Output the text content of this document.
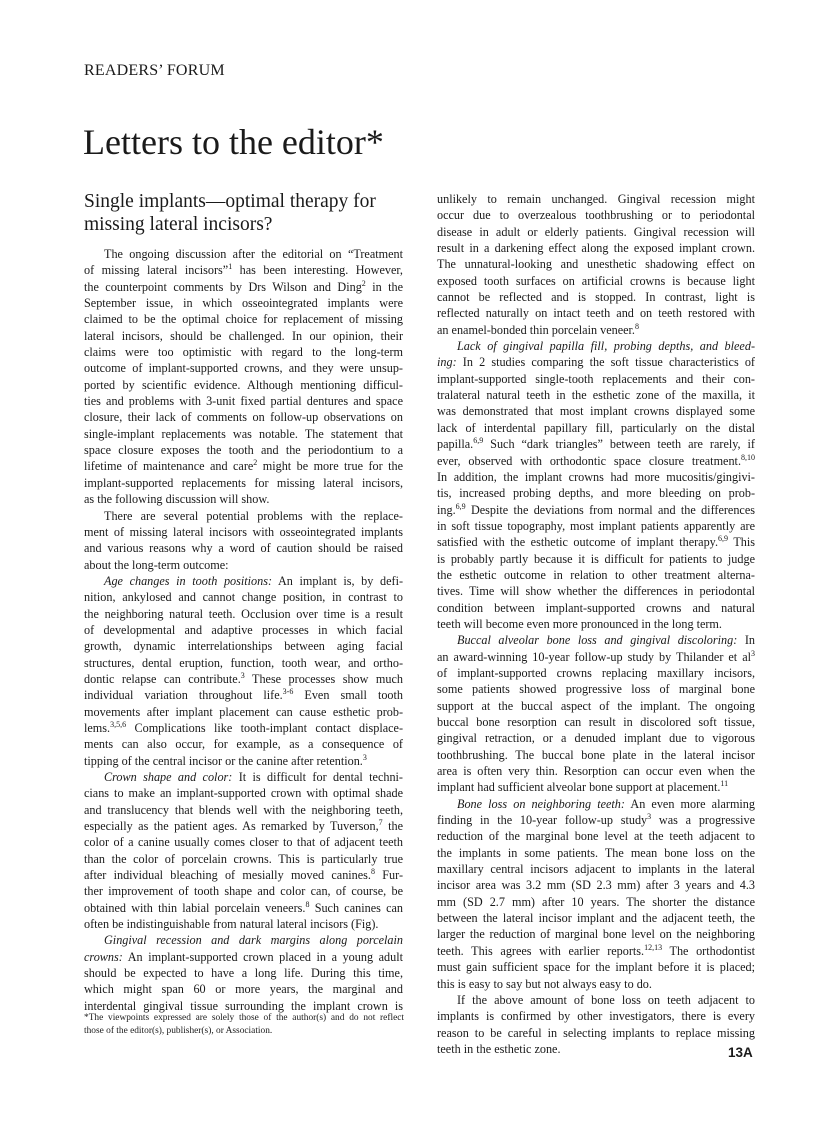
READERS’ FORUM
Letters to the editor*
Single implants—optimal therapy for
missing lateral incisors?
The ongoing discussion after the editorial on “Treatment
of missing lateral incisors”$^1$ has been interesting. However,
the counterpoint comments by Drs Wilson and Ding$^2$ in the
September issue, in which osseointegrated implants were
claimed to be the optimal choice for replacement of missing
lateral incisors, should be challenged. In our opinion, their
claims were too optimistic with regard to the long-term
outcome of implant-supported crowns, and they were unsup-
ported by scientific evidence. Although mentioning difficul-
ties and problems with 3-unit fixed partial dentures and space
closure, their lack of comments on follow-up observations on
single-implant replacements was notable. The statement that
space closure exposes the tooth and the periodontium to a
lifetime of maintenance and care$^2$ might be more true for the
implant-supported replacements for missing lateral incisors,
as the following discussion will show.
There are several potential problems with the replace-
ment of missing lateral incisors with osseointegrated implants
and various reasons why a word of caution should be raised
about the long-term outcome:
Age changes in tooth positions: An implant is, by defi-
nition, ankylosed and cannot change position, in contrast to
the neighboring natural teeth. Occlusion over time is a result
of developmental and adaptive processes in which facial
growth, dynamic interrelationships between aging facial
structures, dental eruption, function, tooth wear, and ortho-
dontic relapse can contribute.$^3$ These processes show much
individual variation throughout life.$^{3-6}$ Even small tooth
movements after implant placement can cause esthetic prob-
lems.$^{3,5,6}$ Complications like tooth-implant contact displace-
ments can also occur, for example, as a consequence of
tipping of the central incisor or the canine after retention.$^3$
Crown shape and color: It is difficult for dental techni-
cians to make an implant-supported crown with optimal shade
and translucency that blends well with the neighboring teeth,
especially as the patient ages. As remarked by Tuverson,$^7$ the
color of a canine usually comes closer to that of adjacent teeth
than the color of porcelain crowns. This is particularly true
after individual bleaching of mesially moved canines.$^8$ Fur-
ther improvement of tooth shape and color can, of course, be
obtained with thin labial porcelain veneers.$^8$ Such canines can
often be indistinguishable from natural lateral incisors (Fig).
Gingival recession and dark margins along porcelain
crowns: An implant-supported crown placed in a young adult
should be expected to have a long life. During this time,
which might span 60 or more years, the marginal and
interdental gingival tissue surrounding the implant crown is
unlikely to remain unchanged. Gingival recession might
occur due to overzealous toothbrushing or to periodontal
disease in adult or elderly patients. Gingival recession will
result in a darkening effect along the exposed implant crown.
The unnatural-looking and unesthetic shadowing effect on
exposed tooth surfaces on artificial crowns is because light
cannot be reflected and is stopped. In contrast, light is
reflected naturally on intact teeth and on teeth restored with
an enamel-bonded thin porcelain veneer.$^8$
Lack of gingival papilla fill, probing depths, and bleed-
ing: In 2 studies comparing the soft tissue characteristics of
implant-supported single-tooth replacements and their con-
tralateral natural teeth in the esthetic zone of the maxilla, it
was demonstrated that most implant crowns displayed some
lack of interdental papillary fill, particularly on the distal
papilla.$^{6,9}$ Such “dark triangles” between teeth are rarely, if
ever, observed with orthodontic space closure treatment.$^{8,10}$
In addition, the implant crowns had more mucositis/gingivi-
tis, increased probing depths, and more bleeding on prob-
ing.$^{6,9}$ Despite the deviations from normal and the differences
in soft tissue topography, most implant patients apparently are
satisfied with the esthetic outcome of implant therapy.$^{6,9}$ This
is probably partly because it is difficult for patients to judge
the esthetic outcome in relation to other treatment alterna-
tives. Time will show whether the differences in periodontal
condition between implant-supported crowns and natural
teeth will become even more pronounced in the long term.
Buccal alveolar bone loss and gingival discoloring: In
an award-winning 10-year follow-up study by Thilander et $al^3$
of implant-supported crowns replacing maxillary incisors,
some patients showed progressive loss of marginal bone
support at the buccal aspect of the implant. The ongoing
buccal bone resorption can result in discolored soft tissue,
gingival retraction, or a denuded implant due to vigorous
toothbrushing. The buccal bone plate in the lateral incisor
area is often very thin. Resorption can occur even when the
implant had sufficient alveolar bone support at placement.$^{11}$
Bone loss on neighboring teeth: An even more alarming
finding in the 10-year follow-up study$^3$ was a progressive
reduction of the marginal bone level at the teeth adjacent to
the implants in some patients. The mean bone loss on the
maxillary central incisors adjacent to implants in the lateral
incisor area was 3.2 mm (SD 2.3 mm) after 3 years and 4.3
mm (SD 2.7 mm) after 10 years. The shorter the distance
between the lateral incisor implant and the adjacent teeth, the
larger the reduction of marginal bone level on the neighboring
teeth. This agrees with earlier reports.$^{12,13}$ The orthodontist
must gain sufficient space for the implant before it is placed;
this is easy to say but not always easy to do.
If the above amount of bone loss on teeth adjacent to
implants is confirmed by other investigators, there is every
reason to be careful in selecting implants to replace missing
teeth in the esthetic zone.
*The viewpoints expressed are solely those of the author(s) and do not reflect
those of the editor(s), publisher(s), or Association.
13A
